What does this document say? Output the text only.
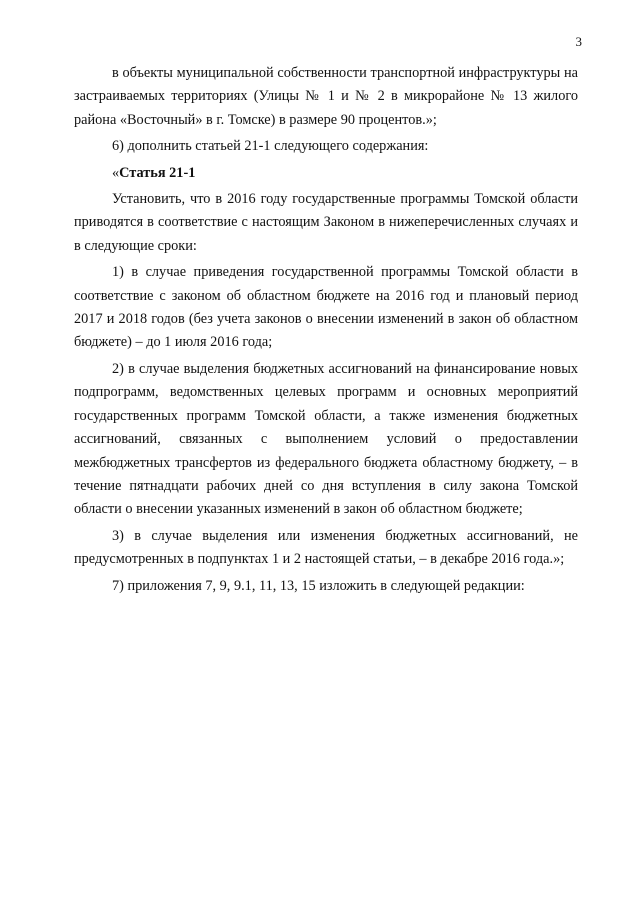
3

в объекты муниципальной собственности транспортной инфраструктуры на застраиваемых территориях (Улицы № 1 и № 2 в микрорайоне № 13 жилого района «Восточный» в г. Томске) в размере 90 процентов.»;

6) дополнить статьей 21-1 следующего содержания:

«Статья 21-1

Установить, что в 2016 году государственные программы Томской области приводятся в соответствие с настоящим Законом в нижеперечисленных случаях и в следующие сроки:

1) в случае приведения государственной программы Томской области в соответствие с законом об областном бюджете на 2016 год и плановый период 2017 и 2018 годов (без учета законов о внесении изменений в закон об областном бюджете) – до 1 июля 2016 года;

2) в случае выделения бюджетных ассигнований на финансирование новых подпрограмм, ведомственных целевых программ и основных мероприятий государственных программ Томской области, а также изменения бюджетных ассигнований, связанных с выполнением условий о предоставлении межбюджетных трансфертов из федерального бюджета областному бюджету, – в течение пятнадцати рабочих дней со дня вступления в силу закона Томской области о внесении указанных изменений в закон об областном бюджете;

3) в случае выделения или изменения бюджетных ассигнований, не предусмотренных в подпунктах 1 и 2 настоящей статьи, – в декабре 2016 года.»;

7) приложения 7, 9, 9.1, 11, 13, 15 изложить в следующей редакции:
